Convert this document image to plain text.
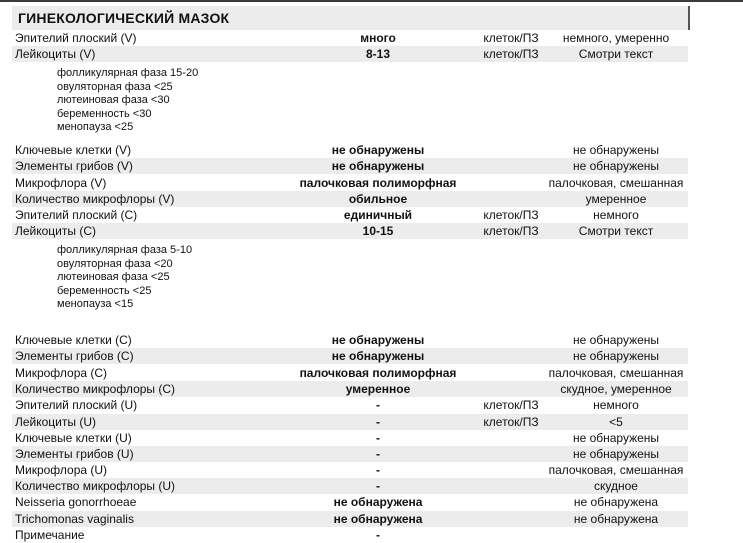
ГИНЕКОЛОГИЧЕСКИЙ МАЗОК
Эпителий плоский (V)	много	клеток/ПЗ немного, умеренно
Лейкоциты (V)	8-13	клеток/ПЗ	Смотри текст
фолликулярная фаза 15-20
овуляторная фаза <25
лютеиновая фаза <30
беременность <30
менопауза <25
Ключевые клетки (V)	не обнаружены	не обнаружены
Элементы грибов (V)	не обнаружены	не обнаружены
Микрофлора (V)	палочковая полиморфная	палочковая, смешанная
Количество микрофлоры (V)	обильное	умеренное
Эпителий плоский (C)	единичный	клеток/ПЗ	немного
Лейкоциты (C)	10-15	клеток/ПЗ	Смотри текст
фолликулярная фаза 5-10
овуляторная фаза <20
лютеиновая фаза <25
беременность <25
менопауза <15
Ключевые клетки (C)	не обнаружены	не обнаружены
Элементы грибов (C)	не обнаружены	не обнаружены
Микрофлора (C)	палочковая полиморфная	палочковая, смешанная
Количество микрофлоры (C)	умеренное	скудное, умеренное
Эпителий плоский (U)	-	клеток/ПЗ	немного
Лейкоциты (U)	-	клеток/ПЗ	<5
Ключевые клетки (U)	-	не обнаружены
Элементы грибов (U)	-	не обнаружены
Микрофлора (U)	-	палочковая, смешанная
Количество микрофлоры (U)	-	скудное
Neisseria gonorrhoeae	не обнаружена	не обнаружена
Trichomonas vaginalis	не обнаружена	не обнаружена
Примечание	-
